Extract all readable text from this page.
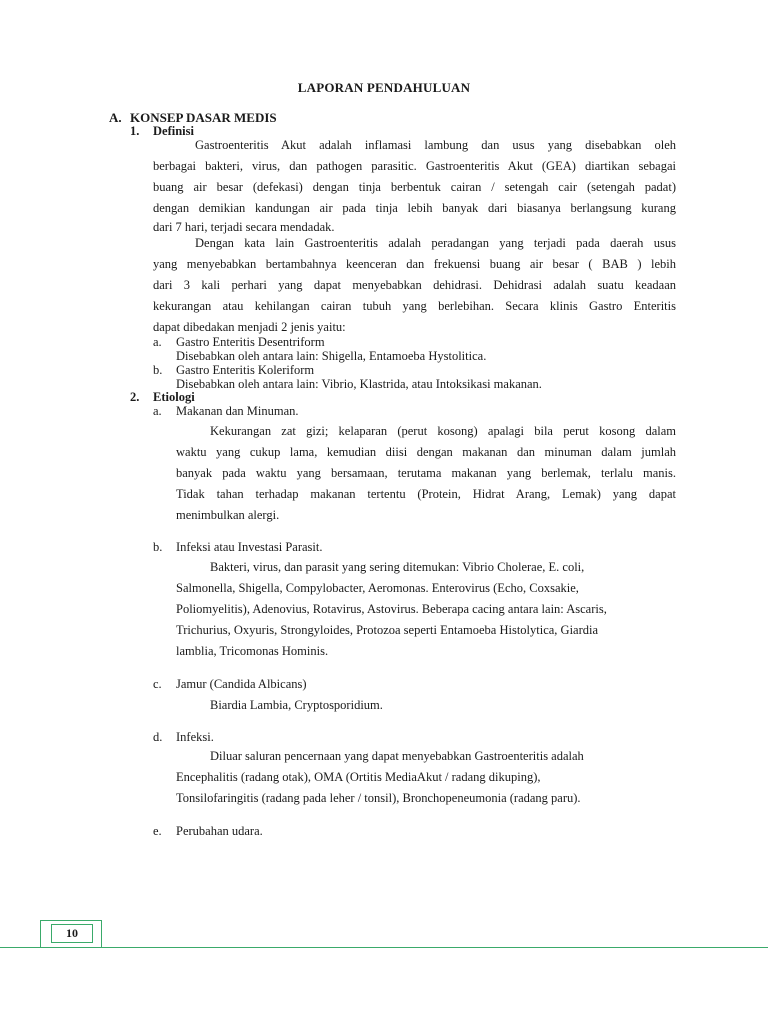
LAPORAN PENDAHULUAN
A. KONSEP DASAR MEDIS
1. Definisi
Gastroenteritis Akut adalah inflamasi lambung dan usus yang disebabkan oleh
berbagai bakteri, virus, dan pathogen parasitic. Gastroenteritis Akut (GEA) diartikan sebagai
buang air besar (defekasi) dengan tinja berbentuk cairan / setengah cair (setengah padat)
dengan demikian kandungan air pada tinja lebih banyak dari biasanya berlangsung kurang
dari 7 hari, terjadi secara mendadak.
Dengan kata lain Gastroenteritis adalah peradangan yang terjadi pada daerah usus
yang menyebabkan bertambahnya keenceran dan frekuensi buang air besar ( BAB ) lebih
dari 3 kali perhari yang dapat menyebabkan dehidrasi. Dehidrasi adalah suatu keadaan
kekurangan atau kehilangan cairan tubuh yang berlebihan. Secara klinis Gastro Enteritis
dapat dibedakan menjadi 2 jenis yaitu:
a. Gastro Enteritis Desentriform
Disebabkan oleh antara lain: Shigella, Entamoeba Hystolitica.
b. Gastro Enteritis Koleriform
Disebabkan oleh antara lain: Vibrio, Klastrida, atau Intoksikasi makanan.
2. Etiologi
a. Makanan dan Minuman.
Kekurangan zat gizi; kelaparan (perut kosong) apalagi bila perut kosong dalam
waktu yang cukup lama, kemudian diisi dengan makanan dan minuman dalam jumlah
banyak pada waktu yang bersamaan, terutama makanan yang berlemak, terlalu manis.
Tidak tahan terhadap makanan tertentu (Protein, Hidrat Arang, Lemak) yang dapat
menimbulkan alergi.
b. Infeksi atau Investasi Parasit.
Bakteri, virus, dan parasit yang sering ditemukan: Vibrio Cholerae, E. coli,
Salmonella, Shigella, Compylobacter, Aeromonas. Enterovirus (Echo, Coxsakie,
Poliomyelitis), Adenovius, Rotavirus, Astovirus. Beberapa cacing antara lain: Ascaris,
Trichurius, Oxyuris, Strongyloides, Protozoa seperti Entamoeba Histolytica, Giardia
lamblia, Tricomonas Hominis.
c. Jamur (Candida Albicans)
Biardia Lambia, Cryptosporidium.
d. Infeksi.
Diluar saluran pencernaan yang dapat menyebabkan Gastroenteritis adalah
Encephalitis (radang otak), OMA (Ortitis MediaAkut / radang dikuping),
Tonsilofaringitis (radang pada leher / tonsil), Bronchopeneumonia (radang paru).
e. Perubahan udara.
10
